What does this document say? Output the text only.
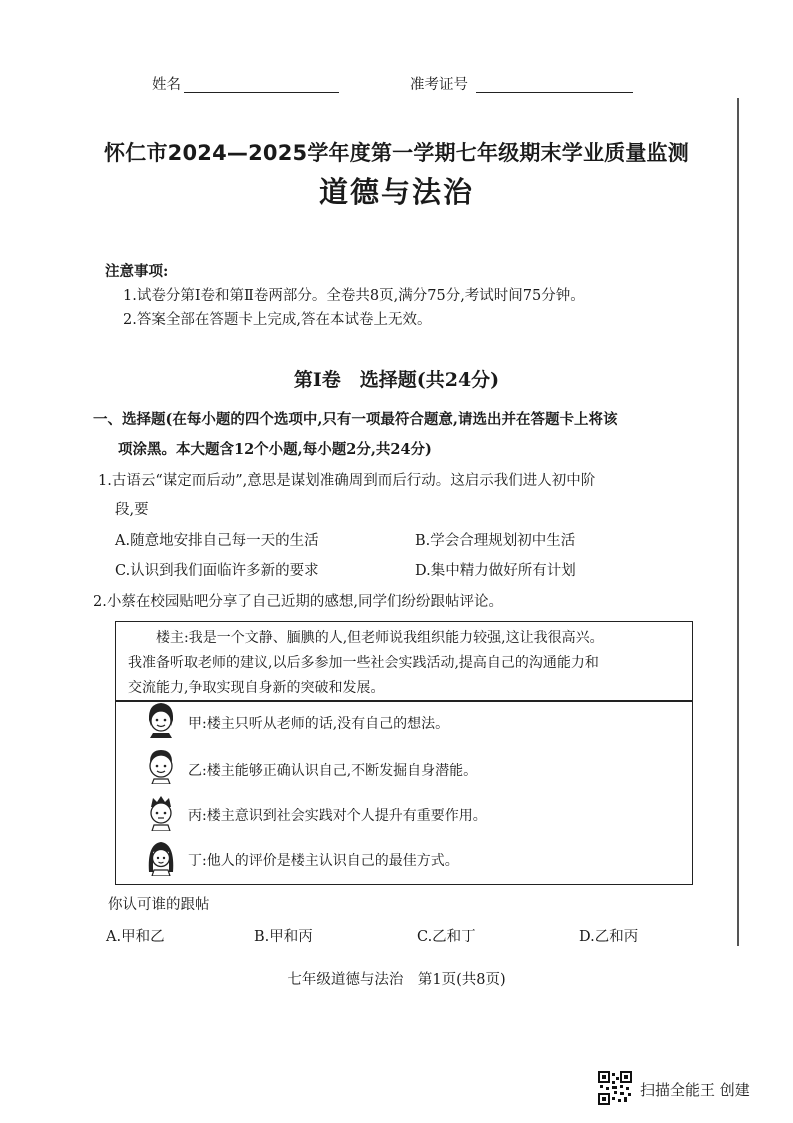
姓名	准考证号
怀仁市2024—2025学年度第一学期七年级期末学业质量监测
道德与法治
注意事项:
1.试卷分第Ⅰ卷和第Ⅱ卷两部分。全卷共8页,满分75分,考试时间75分钟。
2.答案全部在答题卡上完成,答在本试卷上无效。
第Ⅰ卷　选择题(共24分)
一、选择题(在每小题的四个选项中,只有一项最符合题意,请选出并在答题卡上将该
项涂黑。本大题含12个小题,每小题2分,共24分)
1.古语云“谋定而后动”,意思是谋划准确周到而后行动。这启示我们进人初中阶
段,要
A.随意地安排自己每一天的生活	B.学会合理规划初中生活
C.认识到我们面临许多新的要求	D.集中精力做好所有计划
2.小蔡在校园贴吧分享了自己近期的感想,同学们纷纷跟帖评论。
　　楼主:我是一个文静、腼腆的人,但老师说我组织能力较强,这让我很高兴。
我准备听取老师的建议,以后多参加一些社会实践活动,提高自己的沟通能力和
交流能力,争取实现自身新的突破和发展。
甲:楼主只听从老师的话,没有自己的想法。
乙:楼主能够正确认识自己,不断发掘自身潜能。
丙:楼主意识到社会实践对个人提升有重要作用。
丁:他人的评价是楼主认识自己的最佳方式。
你认可谁的跟帖
A.甲和乙	B.甲和丙	C.乙和丁	D.乙和丙
七年级道德与法治　第1页(共8页)
扫描全能王 创建
